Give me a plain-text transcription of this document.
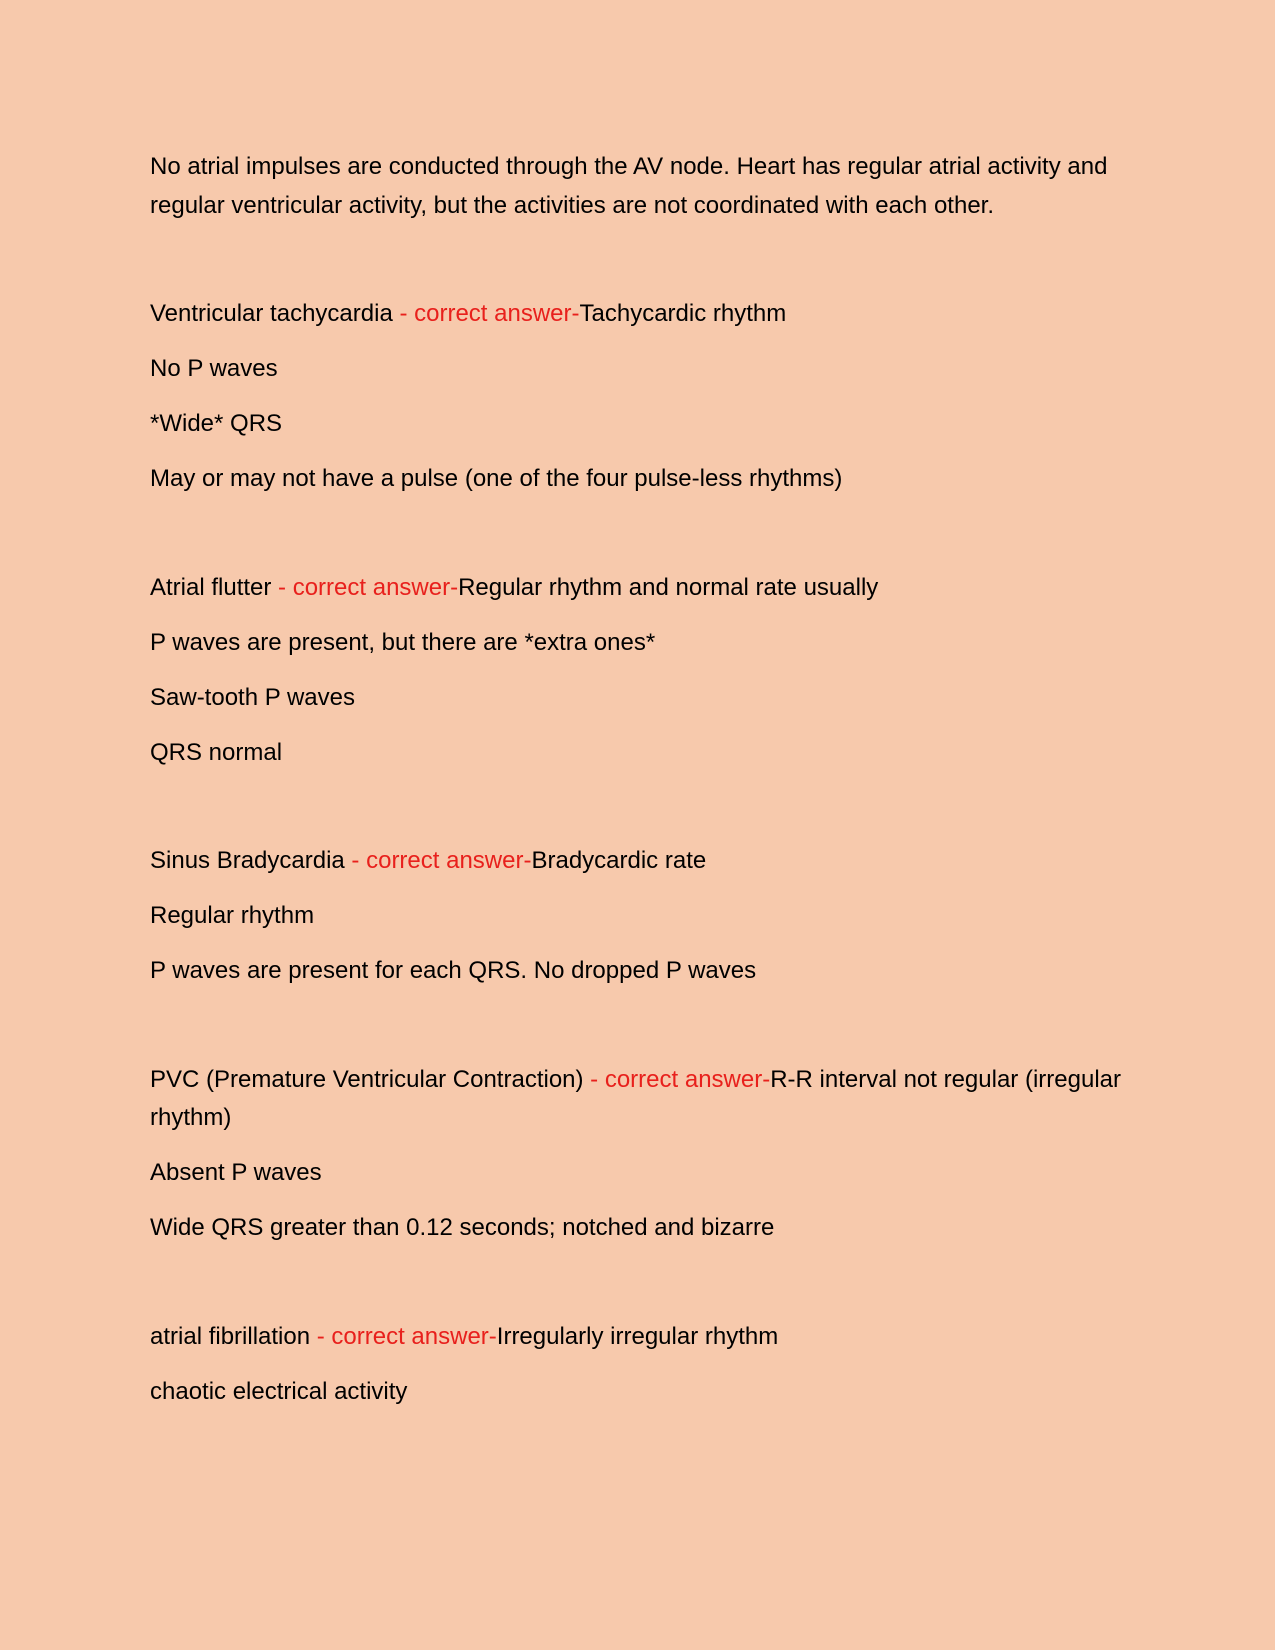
No atrial impulses are conducted through the AV node. Heart has regular atrial activity and regular ventricular activity, but the activities are not coordinated with each other.

Ventricular tachycardia - correct answer-Tachycardic rhythm

No P waves

*Wide* QRS

May or may not have a pulse (one of the four pulse-less rhythms)

Atrial flutter - correct answer-Regular rhythm and normal rate usually

P waves are present, but there are *extra ones*

Saw-tooth P waves

QRS normal

Sinus Bradycardia - correct answer-Bradycardic rate

Regular rhythm

P waves are present for each QRS. No dropped P waves

PVC (Premature Ventricular Contraction) - correct answer-R-R interval not regular (irregular rhythm)

Absent P waves

Wide QRS greater than 0.12 seconds; notched and bizarre

atrial fibrillation - correct answer-Irregularly irregular rhythm

chaotic electrical activity
